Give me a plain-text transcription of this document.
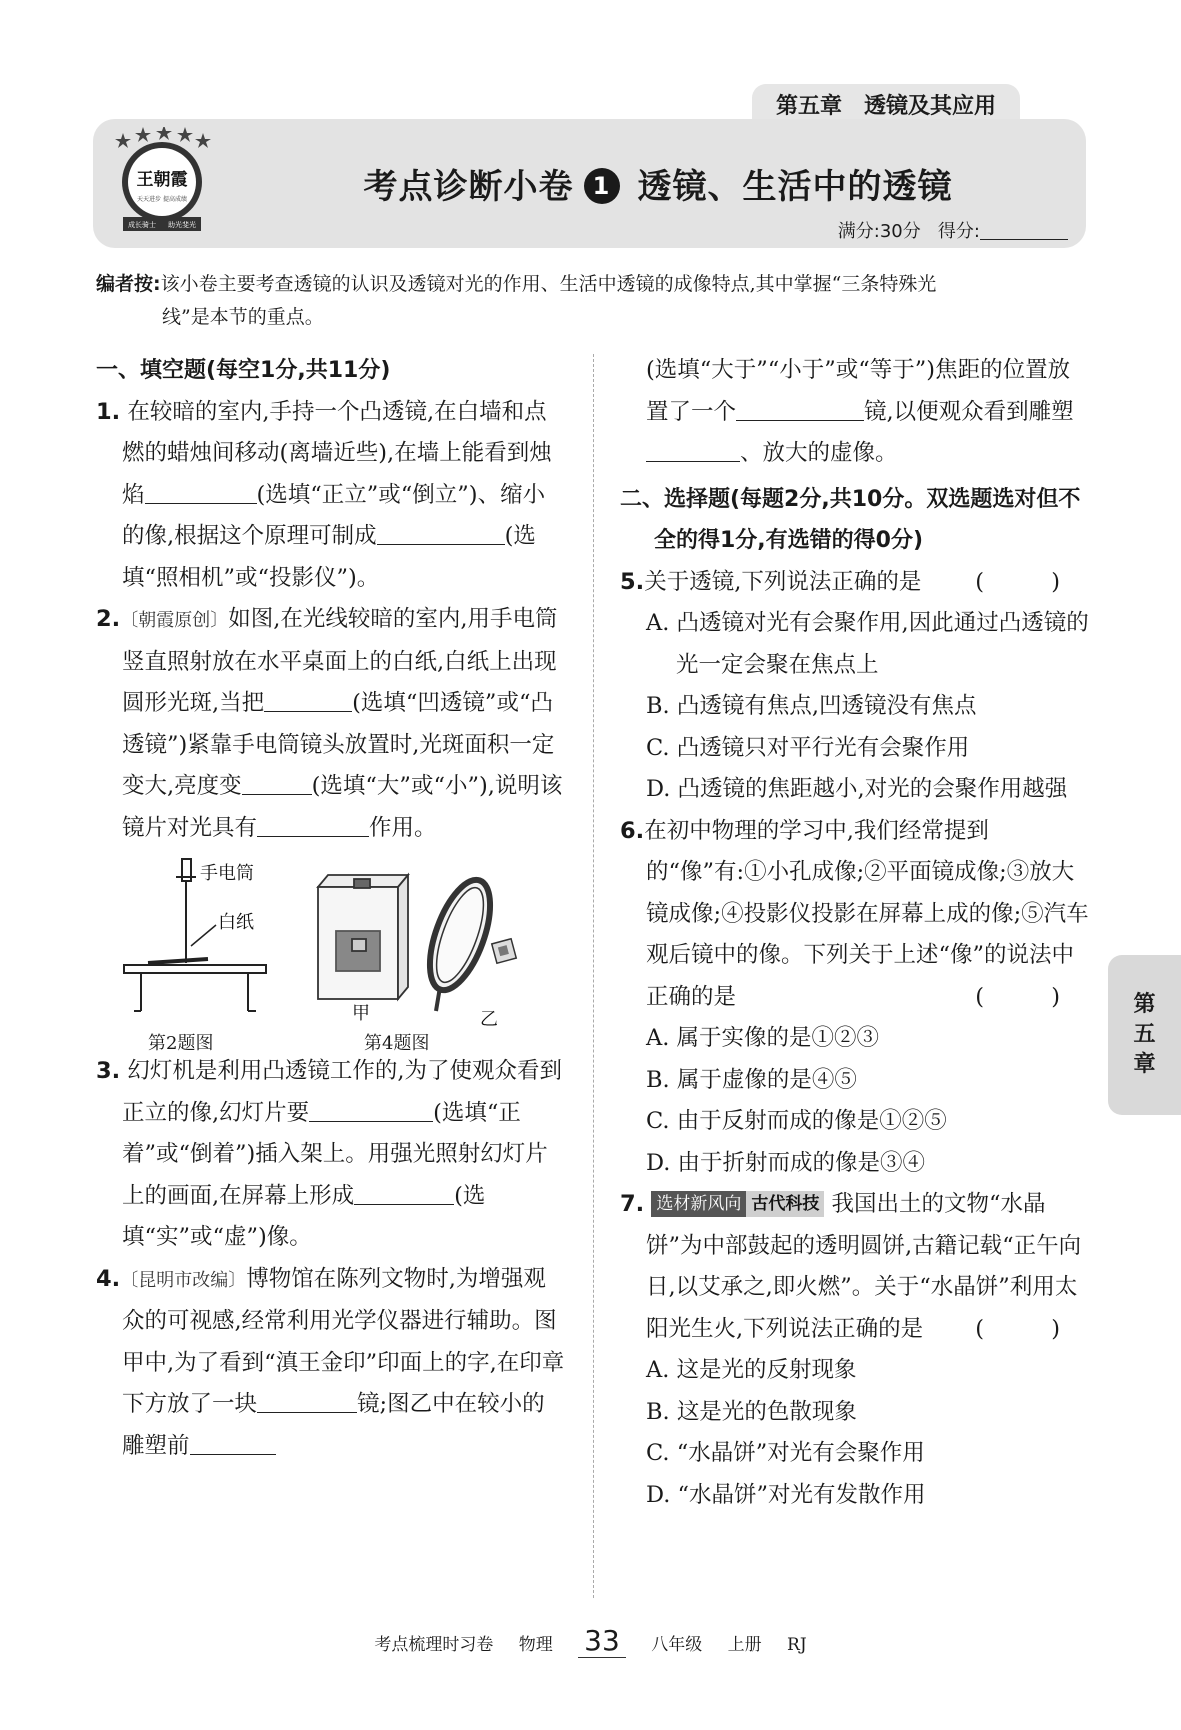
第五章 透镜及其应用
王朝霞
天天进步 提高成绩
成长骑士 助光斐光
考点诊断小卷 1 透镜、生活中的透镜
满分:30分 得分:
编者按:该小卷主要考查透镜的认识及透镜对光的作用、生活中透镜的成像特点,其中掌握“三条特殊光
线”是本节的重点。
一、填空题(每空1分,共11分)

1. 在较暗的室内,手持一个凸透镜,在白墙和点燃的蜡烛间移动(离墙近些),在墙上能看到烛焰	(选填“正立”或“倒立”)、缩小的像,根据这个原理可制成	(选填“照相机”或“投影仪”)。

2.〔朝霞原创〕如图,在光线较暗的室内,用手电筒竖直照射放在水平桌面上的白纸,白纸上出现圆形光斑,当把	(选填“凹透镜”或“凸透镜”)紧靠手电筒镜头放置时,光斑面积一定变大,亮度变	(选填“大”或“小”),说明该镜片对光具有	作用。

手电筒
白纸
甲	乙
第2题图	第4题图

3. 幻灯机是利用凸透镜工作的,为了使观众看到正立的像,幻灯片要	(选填“正着”或“倒着”)插入架上。用强光照射幻灯片上的画面,在屏幕上形成	(选填“实”或“虚”)像。

4.〔昆明市改编〕博物馆在陈列文物时,为增强观众的可视感,经常利用光学仪器进行辅助。图甲中,为了看到“滇王金印”印面上的字,在印章下方放了一块	镜;图乙中在较小的雕塑前

(选填“大于”“小于”或“等于”)焦距的位置放置了一个	镜,以便观众看到雕塑、放大的虚像。

二、选择题(每题2分,共10分。双选题选对但不全的得1分,有选错的得0分)

5.关于透镜,下列说法正确的是 ( )

A. 凸透镜对光有会聚作用,因此通过凸透镜的光一定会聚在焦点上

B. 凸透镜有焦点,凹透镜没有焦点

C. 凸透镜只对平行光有会聚作用

D. 凸透镜的焦距越小,对光的会聚作用越强

6.在初中物理的学习中,我们经常提到的“像”有:①小孔成像;②平面镜成像;③放大镜成像;④投影仪投影在屏幕上成的像;⑤汽车观后镜中的像。下列关于上述“像”的说法中正确的是	( )

A. 属于实像的是①②③

B. 属于虚像的是④⑤

C. 由于反射而成的像是①②⑤

D. 由于折射而成的像是③④

7. 选材新风向 古代科技 我国出土的文物“水晶饼”为中部鼓起的透明圆饼,古籍记载“正午向日,以艾承之,即火燃”。关于“水晶饼”利用太阳光生火,下列说法正确的是 ( )

A. 这是光的反射现象

B. 这是光的色散现象

C. “水晶饼”对光有会聚作用

D. “水晶饼”对光有发散作用

第
五
章
考点梳理时习卷 物理 33 八年级 上册 RJ
